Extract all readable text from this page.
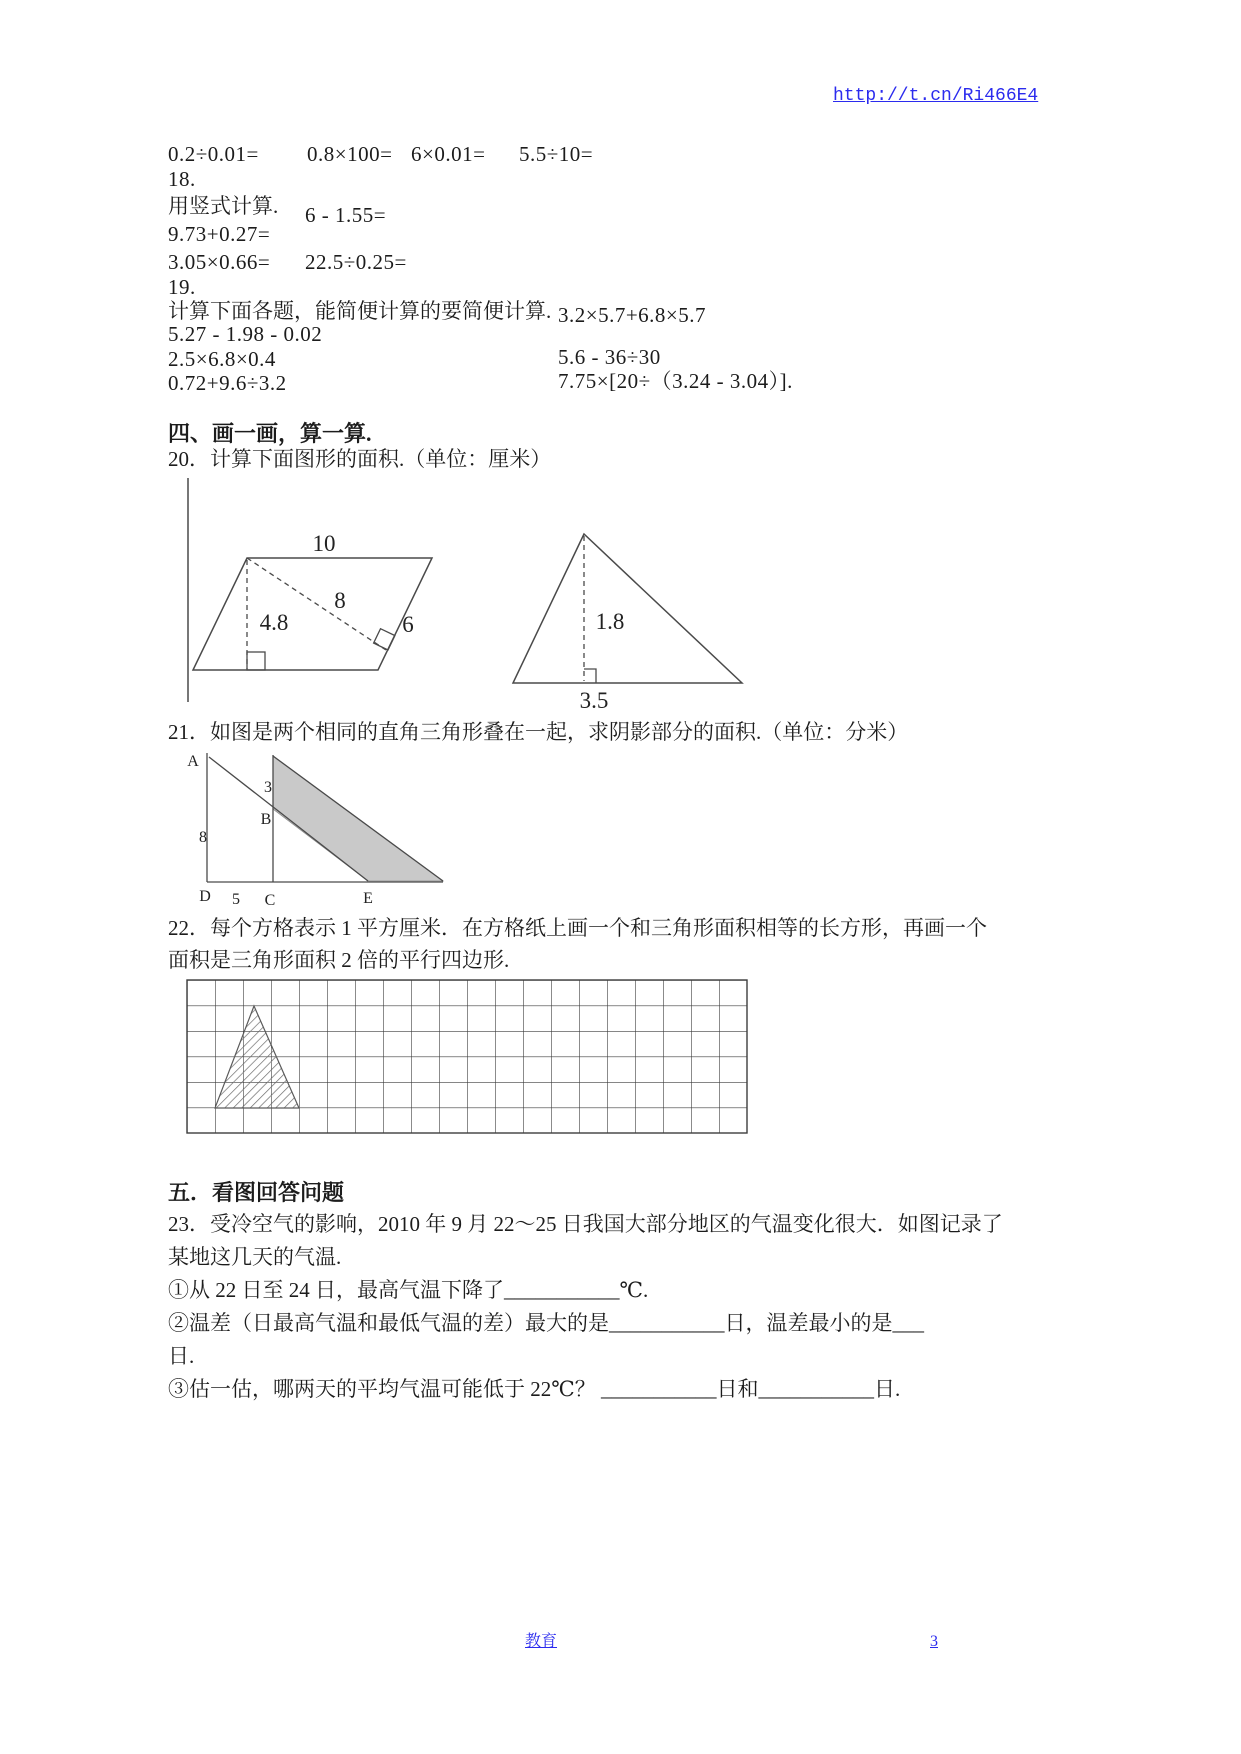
http://t.cn/Ri466E4
0.2÷0.01= 0.8×100= 6×0.01= 5.5÷10=
18.
用竖式计算. 6 - 1.55=
9.73+0.27=
3.05×0.66= 22.5÷0.25=
19.
计算下面各题，能简便计算的要简便计算. 3.2×5.7+6.8×5.7
5.27 - 1.98 - 0.02
2.5×6.8×0.4	5.6 - 36÷30
0.72+9.6÷3.2	7.75×[20÷（3.24 - 3.04）].
四、画一画，算一算.
20．计算下面图形的面积.（单位：厘米）
10
4.8
8
6	1.8
3.5
21．如图是两个相同的直角三角形叠在一起，求阴影部分的面积.（单位：分米）
A
3
B
8
D 5 C	E
22．每个方格表示 1 平方厘米．在方格纸上画一个和三角形面积相等的长方形，再画一个
面积是三角形面积 2 倍的平行四边形.
五．看图回答问题
23．受冷空气的影响，2010 年 9 月 22～25 日我国大部分地区的气温变化很大．如图记录了
某地这几天的气温.
①从 22 日至 24 日，最高气温下降了___________℃.
②温差（日最高气温和最低气温的差）最大的是___________日，温差最小的是___
日.
③估一估，哪两天的平均气温可能低于 22℃？ ___________日和___________日.
教育	3
